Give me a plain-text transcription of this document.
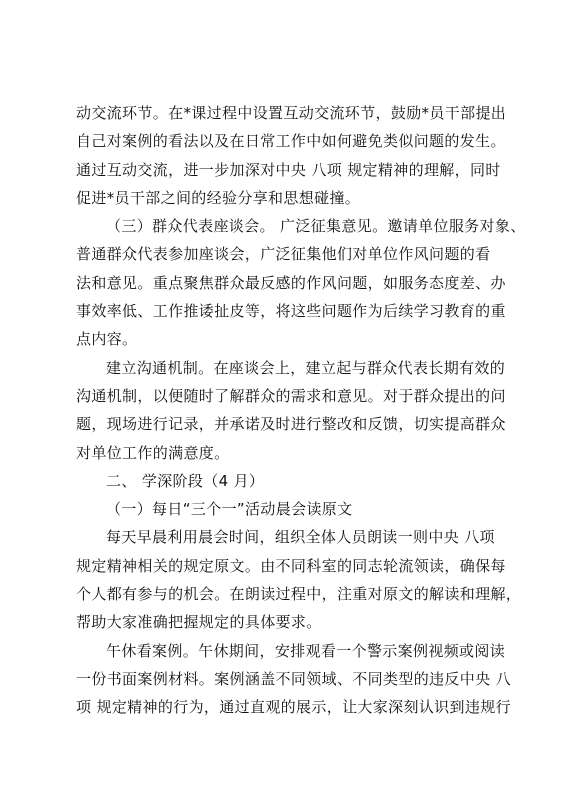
动交流环节。在*课过程中设置互动交流环节，鼓励*员干部提出
自己对案例的看法以及在日常工作中如何避免类似问题的发生。
通过互动交流，进一步加深对中央 八项 规定精神的理解，同时
促进*员干部之间的经验分享和思想碰撞。
（三）群众代表座谈会。 广泛征集意见。邀请单位服务对象、
普通群众代表参加座谈会，广泛征集他们对单位作风问题的看
法和意见。重点聚焦群众最反感的作风问题，如服务态度差、办
事效率低、工作推诿扯皮等，将这些问题作为后续学习教育的重
点内容。
建立沟通机制。在座谈会上，建立起与群众代表长期有效的
沟通机制，以便随时了解群众的需求和意见。对于群众提出的问
题，现场进行记录，并承诺及时进行整改和反馈，切实提高群众
对单位工作的满意度。
二、 学深阶段（4 月）
（一）每日“三个一”活动晨会读原文
每天早晨利用晨会时间，组织全体人员朗读一则中央 八项
规定精神相关的规定原文。由不同科室的同志轮流领读，确保每
个人都有参与的机会。在朗读过程中，注重对原文的解读和理解，
帮助大家准确把握规定的具体要求。
午休看案例。午休期间，安排观看一个警示案例视频或阅读
一份书面案例材料。案例涵盖不同领域、不同类型的违反中央 八
项 规定精神的行为，通过直观的展示，让大家深刻认识到违规行
